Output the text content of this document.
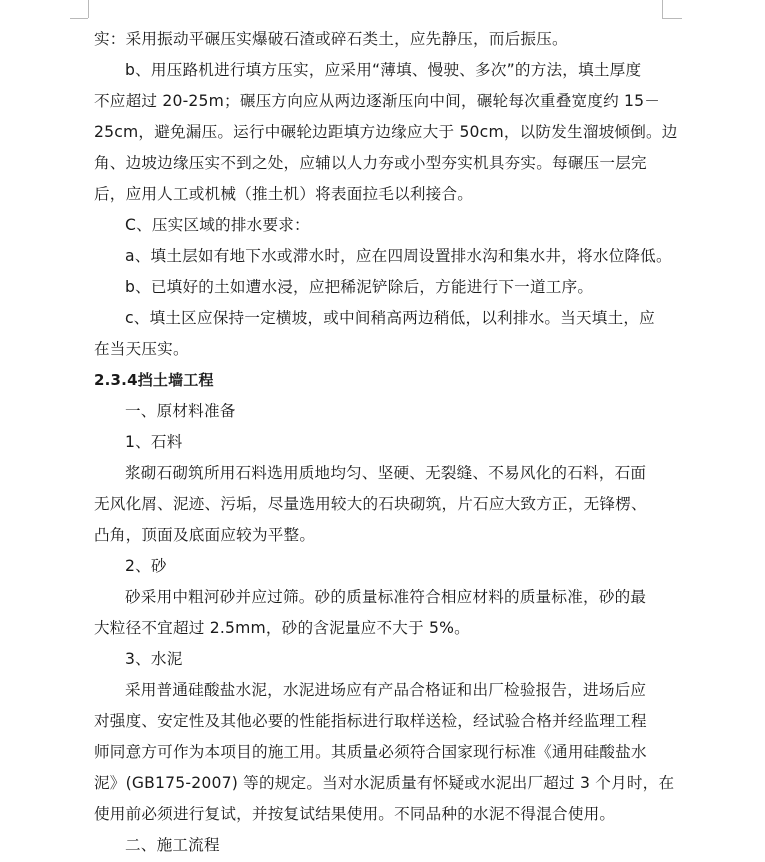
实：采用振动平碾压实爆破石渣或碎石类土，应先静压，而后振压。
b、用压路机进行填方压实，应采用“薄填、慢驶、多次”的方法，填土厚度
不应超过 20-25m；碾压方向应从两边逐渐压向中间，碾轮每次重叠宽度约 15－
25cm，避免漏压。运行中碾轮边距填方边缘应大于 50cm，以防发生溜坡倾倒。边
角、边坡边缘压实不到之处，应辅以人力夯或小型夯实机具夯实。每碾压一层完
后，应用人工或机械（推土机）将表面拉毛以利接合。
C、压实区域的排水要求：
a、填土层如有地下水或滞水时，应在四周设置排水沟和集水井，将水位降低。
b、已填好的土如遭水浸，应把稀泥铲除后，方能进行下一道工序。
c、填土区应保持一定横坡，或中间稍高两边稍低，以利排水。当天填土，应
在当天压实。
2.3.4挡土墙工程
一、原材料准备
1、石料
浆砌石砌筑所用石料选用质地均匀、坚硬、无裂缝、不易风化的石料，石面
无风化屑、泥迹、污垢，尽量选用较大的石块砌筑，片石应大致方正，无锋楞、
凸角，顶面及底面应较为平整。
2、砂
砂采用中粗河砂并应过筛。砂的质量标准符合相应材料的质量标准，砂的最
大粒径不宜超过 2.5mm，砂的含泥量应不大于 5%。
3、水泥
采用普通硅酸盐水泥，水泥进场应有产品合格证和出厂检验报告，进场后应
对强度、安定性及其他必要的性能指标进行取样送检，经试验合格并经监理工程
师同意方可作为本项目的施工用。其质量必须符合国家现行标准《通用硅酸盐水
泥》(GB175-2007) 等的规定。当对水泥质量有怀疑或水泥出厂超过 3 个月时，在
使用前必须进行复试，并按复试结果使用。不同品种的水泥不得混合使用。
二、施工流程
